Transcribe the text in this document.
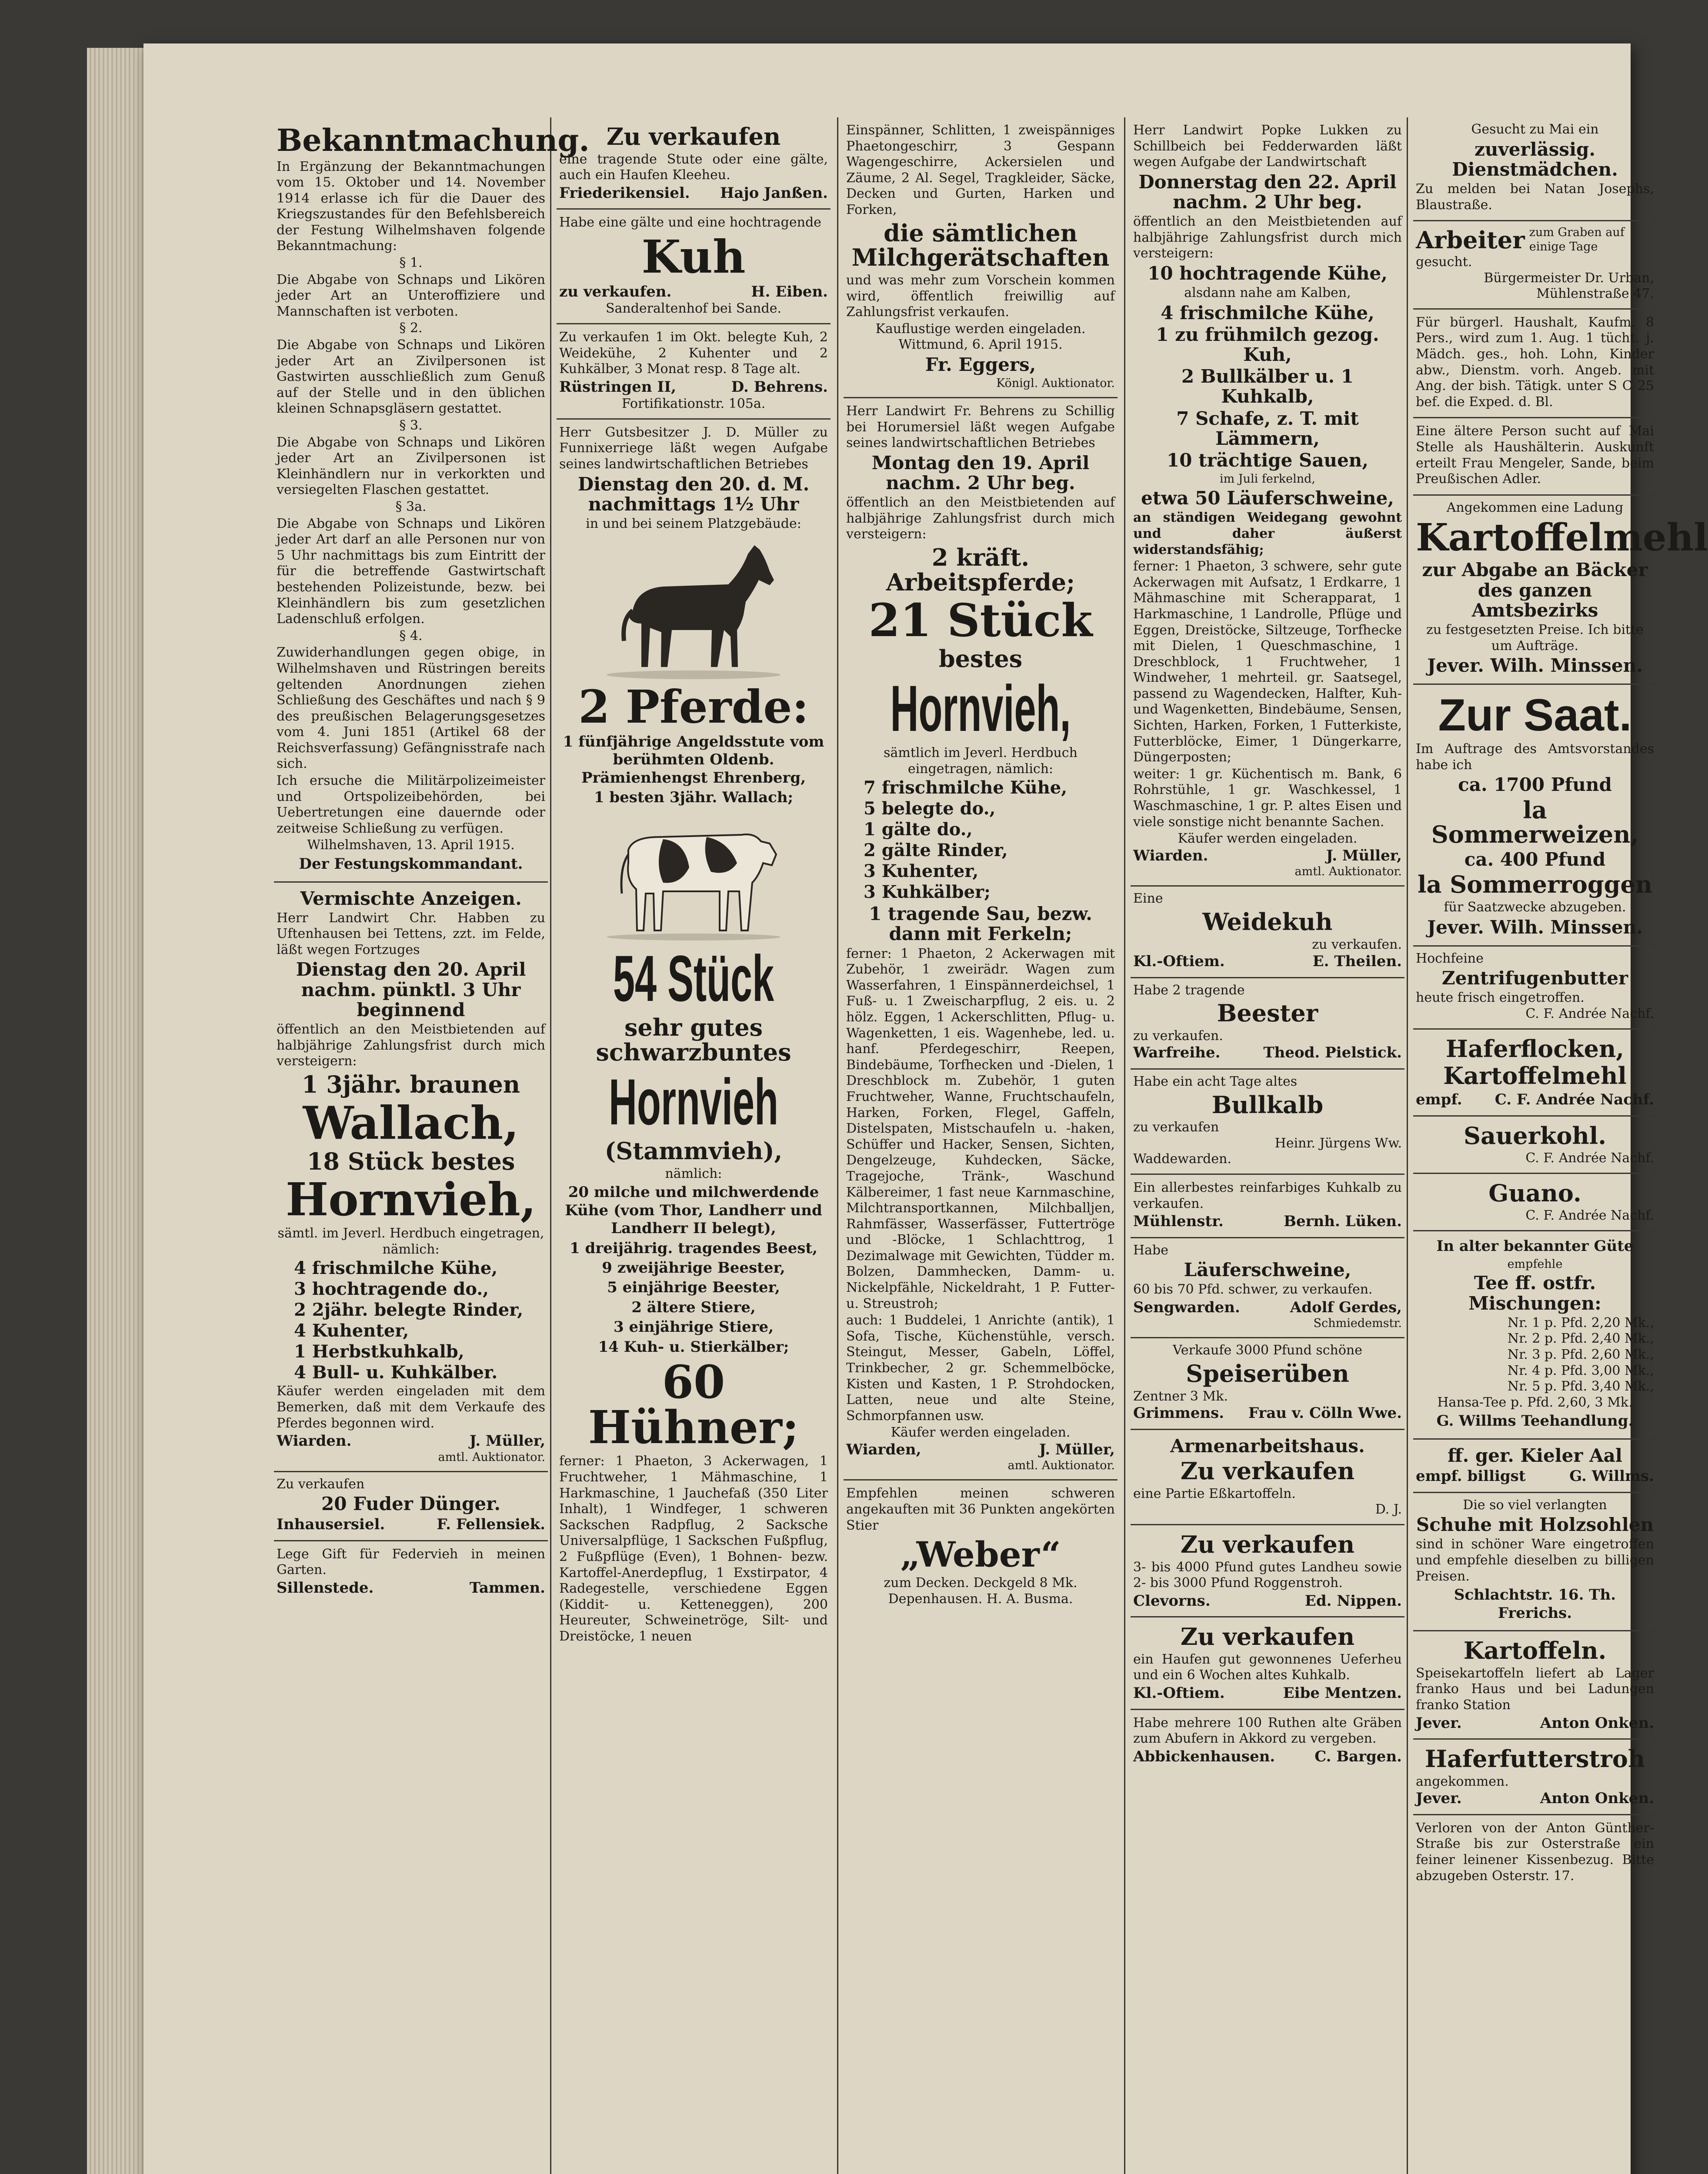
Bekanntmachung.
In Ergänzung der Bekanntmachungen vom 15. Oktober und 14. November 1914 erlasse ich für die Dauer des Kriegszustandes für den Befehlsbereich der Festung Wilhelmshaven folgende Bekanntmachung:
§ 1.
Die Abgabe von Schnaps und Likören jeder Art an Unteroffiziere und Mannschaften ist verboten.
§ 2.
Die Abgabe von Schnaps und Likören jeder Art an Zivilpersonen ist Gastwirten ausschließlich zum Genuß auf der Stelle und in den üblichen kleinen Schnapsgläsern gestattet.
§ 3.
Die Abgabe von Schnaps und Likören jeder Art an Zivilpersonen ist Kleinhändlern nur in verkorkten und versiegelten Flaschen gestattet.
§ 3a.
Die Abgabe von Schnaps und Likören jeder Art darf an alle Personen nur von 5 Uhr nachmittags bis zum Eintritt der für die betreffende Gastwirtschaft bestehenden Polizeistunde, bezw. bei Kleinhändlern bis zum gesetzlichen Ladenschluß erfolgen.
§ 4.
Zuwiderhandlungen gegen obige, in Wilhelmshaven und Rüstringen bereits geltenden Anordnungen ziehen Schließung des Geschäftes und nach § 9 des preußischen Belagerungsgesetzes vom 4. Juni 1851 (Artikel 68 der Reichsverfassung) Gefängnisstrafe nach sich.
Ich ersuche die Militärpolizeimeister und Ortspolizeibehörden, bei Uebertretungen eine dauernde oder zeitweise Schließung zu verfügen.
Wilhelmshaven, 13. April 1915.
Der Festungskommandant.
Vermischte Anzeigen.
Herr Landwirt Chr. Habben zu Uftenhausen bei Tettens, zzt. im Felde, läßt wegen Fortzuges
Dienstag den 20. April nachm. pünktl. 3 Uhr beginnend
öffentlich an den Meistbietenden auf halbjährige Zahlungsfrist durch mich versteigern:
1 3jähr. braunen
Wallach,
18 Stück bestes
Hornvieh,
sämtl. im Jeverl. Herdbuch eingetragen, nämlich:
4 frischmilche Kühe,
3 hochtragende do.,
2 2jähr. belegte Rinder,
4 Kuhenter,
1 Herbstkuhkalb,
4 Bull- u. Kuhkälber.
Käufer werden eingeladen mit dem Bemerken, daß mit dem Verkaufe des Pferdes begonnen wird.
Wiarden.	J. Müller,
amtl. Auktionator.
Zu verkaufen
20 Fuder Dünger.
Inhausersiel.	F. Fellensiek.
Lege Gift für Federvieh in meinen Garten.
Sillenstede.	Tammen.
Zu verkaufen
eine tragende Stute oder eine gälte, auch ein Haufen Kleeheu.
Friederikensiel. Hajo Janßen.
Habe eine gälte und eine hochtragende
Kuh
zu verkaufen.	H. Eiben.
Sanderaltenhof bei Sande.
Zu verkaufen 1 im Okt. belegte Kuh, 2 Weidekühe, 2 Kuhenter und 2 Kuhkälber, 3 Monat resp. 8 Tage alt.
Rüstringen II,	D. Behrens.
Fortifikationstr. 105a.
Herr Gutsbesitzer J. D. Müller zu Funnixerriege läßt wegen Aufgabe seines landwirtschaftlichen Betriebes
Dienstag den 20. d. M. nachmittags 1½ Uhr
in und bei seinem Platzgebäude:
2 Pferde:
1 fünfjährige Angeldsstute vom berühmten Oldenb. Prämienhengst Ehrenberg,
1 besten 3jähr. Wallach;
54 Stück
sehr gutes schwarzbuntes
Hornvieh
(Stammvieh),
nämlich:
20 milche und milchwerdende Kühe (vom Thor, Landherr und Landherr II belegt),
1 dreijährig. tragendes Beest,
9 zweijährige Beester,
5 einjährige Beester,
2 ältere Stiere,
3 einjährige Stiere,
14 Kuh- u. Stierkälber;
60 Hühner;
ferner: 1 Phaeton, 3 Ackerwagen, 1 Fruchtweher, 1 Mähmaschine, 1 Harkmaschine, 1 Jauchefaß (350 Liter Inhalt), 1 Windfeger, 1 schweren Sackschen Radpflug, 2 Sacksche Universalpflüge, 1 Sackschen Fußpflug, 2 Fußpflüge (Even), 1 Bohnen- bezw. Kartoffel-Anerdepflug, 1 Exstirpator, 4 Radegestelle, verschiedene Eggen (Kiddit- u. Ketteneggen), 200 Heureuter, Schweinetröge, Silt- und Dreistöcke, 1 neuen
Einspänner, Schlitten, 1 zweispänniges Phaetongeschirr, 3 Gespann Wagengeschirre, Ackersielen und Zäume, 2 Al. Segel, Tragkleider, Säcke, Decken und Gurten, Harken und Forken,
die sämtlichen Milchgerätschaften
und was mehr zum Vorschein kommen wird, öffentlich freiwillig auf Zahlungsfrist verkaufen.
Kauflustige werden eingeladen.
Wittmund, 6. April 1915.
Fr. Eggers,
Königl. Auktionator.
Herr Landwirt Fr. Behrens zu Schillig bei Horumersiel läßt wegen Aufgabe seines landwirtschaftlichen Betriebes
Montag den 19. April nachm. 2 Uhr beg.
öffentlich an den Meistbietenden auf halbjährige Zahlungsfrist durch mich versteigern:
2 kräft. Arbeitspferde;
21 Stück
bestes
Hornvieh,
sämtlich im Jeverl. Herdbuch eingetragen, nämlich:
7 frischmilche Kühe,
5 belegte do.,
1 gälte do.,
2 gälte Rinder,
3 Kuhenter,
3 Kuhkälber;
1 tragende Sau, bezw. dann mit Ferkeln;
ferner: 1 Phaeton, 2 Ackerwagen mit Zubehör, 1 zweirädr. Wagen zum Wasserfahren, 1 Einspännerdeichsel, 1 Fuß- u. 1 Zweischarpflug, 2 eis. u. 2 hölz. Eggen, 1 Ackerschlitten, Pflug- u. Wagenketten, 1 eis. Wagenhebe, led. u. hanf. Pferdegeschirr, Reepen, Bindebäume, Torfhecken und -Dielen, 1 Dreschblock m. Zubehör, 1 guten Fruchtweher, Wanne, Fruchtschaufeln, Harken, Forken, Flegel, Gaffeln, Distelspaten, Mistschaufeln u. -haken, Schüffer und Hacker, Sensen, Sichten, Dengelzeuge, Kuhdecken, Säcke, Tragejoche, Tränk-, Waschund Kälbereimer, 1 fast neue Karnmaschine, Milchtransportkannen, Milchballjen, Rahmfässer, Wasserfässer, Futtertröge und -Blöcke, 1 Schlachttrog, 1 Dezimalwage mit Gewichten, Tüdder m. Bolzen, Dammhecken, Damm- u. Nickelpfähle, Nickeldraht, 1 P. Futter- u. Streustroh;
auch: 1 Buddelei, 1 Anrichte (antik), 1 Sofa, Tische, Küchenstühle, versch. Steingut, Messer, Gabeln, Löffel, Trinkbecher, 2 gr. Schemmelböcke, Kisten und Kasten, 1 P. Strohdocken, Latten, neue und alte Steine, Schmorpfannen usw.
Käufer werden eingeladen.
Wiarden,	J. Müller,
amtl. Auktionator.
Empfehlen meinen schweren angekauften mit 36 Punkten angekörten Stier
„Weber“
zum Decken. Deckgeld 8 Mk.
Depenhausen. H. A. Busma.
Herr Landwirt Popke Lukken zu Schillbeich bei Fedderwarden läßt wegen Aufgabe der Landwirtschaft
Donnerstag den 22. April nachm. 2 Uhr beg.
öffentlich an den Meistbietenden auf halbjährige Zahlungsfrist durch mich versteigern:
10 hochtragende Kühe,
alsdann nahe am Kalben,
4 frischmilche Kühe,
1 zu frühmilch gezog. Kuh,
2 Bullkälber u. 1 Kuhkalb,
7 Schafe, z. T. mit Lämmern,
10 trächtige Sauen,
im Juli ferkelnd,
etwa 50 Läuferschweine,
an ständigen Weidegang gewohnt und daher äußerst widerstandsfähig;
ferner: 1 Phaeton, 3 schwere, sehr gute Ackerwagen mit Aufsatz, 1 Erdkarre, 1 Mähmaschine mit Scherapparat, 1 Harkmaschine, 1 Landrolle, Pflüge und Eggen, Dreistöcke, Siltzeuge, Torfhecke mit Dielen, 1 Queschmaschine, 1 Dreschblock, 1 Fruchtweher, 1 Windweher, 1 mehrteil. gr. Saatsegel, passend zu Wagendecken, Halfter, Kuh- und Wagenketten, Bindebäume, Sensen, Sichten, Harken, Forken, 1 Futterkiste, Futterblöcke, Eimer, 1 Düngerkarre, Düngerposten;
weiter: 1 gr. Küchentisch m. Bank, 6 Rohrstühle, 1 gr. Waschkessel, 1 Waschmaschine, 1 gr. P. altes Eisen und viele sonstige nicht benannte Sachen.
Käufer werden eingeladen.
Wiarden.	J. Müller,
amtl. Auktionator.
Eine
Weidekuh
zu verkaufen.
Kl.-Oftiem.	E. Theilen.
Habe 2 tragende
Beester
zu verkaufen.
Warfreihe.	Theod. Pielstick.
Habe ein acht Tage altes
Bullkalb
zu verkaufen
Heinr. Jürgens Ww.
Waddewarden.
Ein allerbestes reinfarbiges Kuhkalb zu verkaufen.
Mühlenstr.	Bernh. Lüken.
Habe
Läuferschweine,
60 bis 70 Pfd. schwer, zu verkaufen.
Sengwarden.	Adolf Gerdes,
Schmiedemstr.
Verkaufe 3000 Pfund schöne
Speiserüben
Zentner 3 Mk.
Grimmens. Frau v. Cölln Wwe.
Armenarbeitshaus.
Zu verkaufen
eine Partie Eßkartoffeln.
D. J.
Zu verkaufen
3- bis 4000 Pfund gutes Landheu sowie 2- bis 3000 Pfund Roggenstroh.
Clevorns.	Ed. Nippen.
Zu verkaufen
ein Haufen gut gewonnenes Ueferheu und ein 6 Wochen altes Kuhkalb.
Kl.-Oftiem.	Eibe Mentzen.
Habe mehrere 100 Ruthen alte Gräben zum Abufern in Akkord zu vergeben.
Abbickenhausen.	C. Bargen.
Gesucht zu Mai ein
zuverlässig. Dienstmädchen.
Zu melden bei Natan Josephs, Blaustraße.
Arbeiter zum Graben auf einige Tage
gesucht.
Bürgermeister Dr. Urban,
Mühlenstraße 47.
Für bürgerl. Haushalt, Kaufm. 8 Pers., wird zum 1. Aug. 1 tücht. j. Mädch. ges., hoh. Lohn, Kinder abw., Dienstm. vorh. Angeb. mit Ang. der bish. Tätigk. unter S C 25 bef. die Exped. d. Bl.
Eine ältere Person sucht auf Mai Stelle als Haushälterin. Auskunft erteilt Frau Mengeler, Sande, beim Preußischen Adler.
Angekommen eine Ladung
Kartoffelmehl
zur Abgabe an Bäcker des ganzen Amtsbezirks
zu festgesetzten Preise. Ich bitte um Aufträge.
Jever. Wilh. Minssen.
Zur Saat.
Im Auftrage des Amtsvorstandes habe ich
ca. 1700 Pfund
la Sommerweizen,
ca. 400 Pfund
la Sommerroggen
für Saatzwecke abzugeben.
Jever. Wilh. Minssen.
Hochfeine
Zentrifugenbutter
heute frisch eingetroffen.
C. F. Andrée Nachf.
Haferflocken,
Kartoffelmehl
empf. C. F. Andrée Nachf.
Sauerkohl.
C. F. Andrée Nachf.
Guano.
C. F. Andrée Nachf.
In alter bekannter Güte
empfehle
Tee ff. ostfr. Mischungen:
Nr. 1 p. Pfd. 2,20 Mk.,
Nr. 2 p. Pfd. 2,40 Mk.,
Nr. 3 p. Pfd. 2,60 Mk.,
Nr. 4 p. Pfd. 3,00 Mk.,
Nr. 5 p. Pfd. 3,40 Mk.,
Hansa-Tee p. Pfd. 2,60, 3 Mk.
G. Willms Teehandlung.
ff. ger. Kieler Aal
empf. billigst	G. Willms.
Die so viel verlangten
Schuhe mit Holzsohlen
sind in schöner Ware eingetroffen und empfehle dieselben zu billigen Preisen.
Schlachtstr. 16. Th. Frerichs.
Kartoffeln.
Speisekartoffeln liefert ab Lager franko Haus und bei Ladungen franko Station
Jever.	Anton Onken.
Haferfutterstroh
angekommen.
Jever.	Anton Onken.
Verloren von der Anton Günther-Straße bis zur Osterstraße ein feiner leinener Kissenbezug. Bitte abzugeben Osterstr. 17.
